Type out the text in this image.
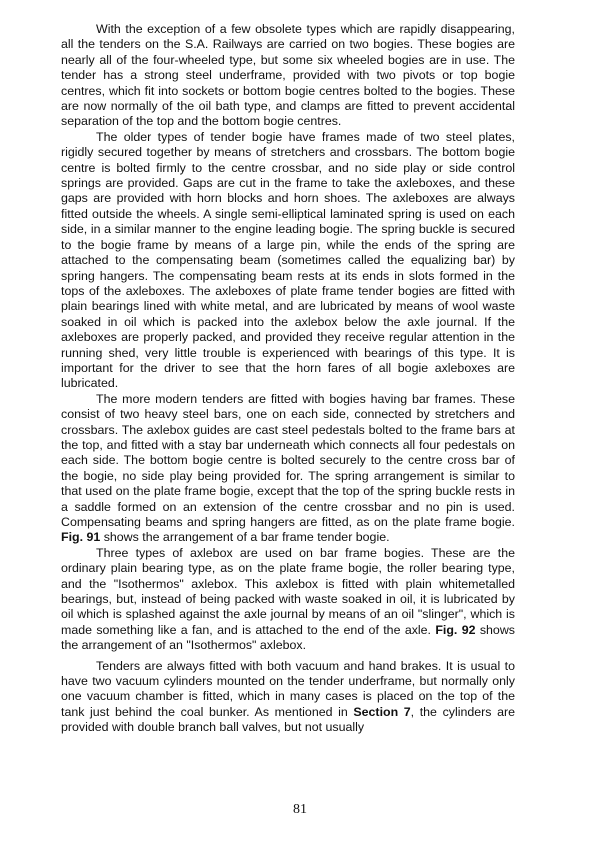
With the exception of a few obsolete types which are rapidly disappearing, all the tenders on the S.A. Railways are carried on two bogies. These bogies are nearly all of the four-wheeled type, but some six wheeled bogies are in use. The tender has a strong steel underframe, provided with two pivots or top bogie centres, which fit into sockets or bottom bogie centres bolted to the bogies. These are now normally of the oil bath type, and clamps are fitted to prevent accidental separation of the top and the bottom bogie centres.

The older types of tender bogie have frames made of two steel plates, rigidly secured together by means of stretchers and crossbars. The bottom bogie centre is bolted firmly to the centre crossbar, and no side play or side control springs are provided. Gaps are cut in the frame to take the axleboxes, and these gaps are provided with horn blocks and horn shoes. The axleboxes are always fitted outside the wheels. A single semi-elliptical laminated spring is used on each side, in a similar manner to the engine leading bogie. The spring buckle is secured to the bogie frame by means of a large pin, while the ends of the spring are attached to the compensating beam (sometimes called the equalizing bar) by spring hangers. The compensating beam rests at its ends in slots formed in the tops of the axleboxes. The axleboxes of plate frame tender bogies are fitted with plain bearings lined with white metal, and are lubricated by means of wool waste soaked in oil which is packed into the axlebox below the axle journal. If the axleboxes are properly packed, and provided they receive regular attention in the running shed, very little trouble is experienced with bearings of this type. It is important for the driver to see that the horn fares of all bogie axleboxes are lubricated.

The more modern tenders are fitted with bogies having bar frames. These consist of two heavy steel bars, one on each side, connected by stretchers and crossbars. The axlebox guides are cast steel pedestals bolted to the frame bars at the top, and fitted with a stay bar underneath which connects all four pedestals on each side. The bottom bogie centre is bolted securely to the centre cross bar of the bogie, no side play being provided for. The spring arrangement is similar to that used on the plate frame bogie, except that the top of the spring buckle rests in a saddle formed on an extension of the centre crossbar and no pin is used. Compensating beams and spring hangers are fitted, as on the plate frame bogie. Fig. 91 shows the arrangement of a bar frame tender bogie.

Three types of axlebox are used on bar frame bogies. These are the ordinary plain bearing type, as on the plate frame bogie, the roller bearing type, and the "Isothermos" axlebox. This axlebox is fitted with plain whitemetalled bearings, but, instead of being packed with waste soaked in oil, it is lubricated by oil which is splashed against the axle journal by means of an oil "slinger", which is made something like a fan, and is attached to the end of the axle. Fig. 92 shows the arrangement of an "Isothermos" axlebox.

Tenders are always fitted with both vacuum and hand brakes. It is usual to have two vacuum cylinders mounted on the tender underframe, but normally only one vacuum chamber is fitted, which in many cases is placed on the top of the tank just behind the coal bunker. As mentioned in Section 7, the cylinders are provided with double branch ball valves, but not usually

81
